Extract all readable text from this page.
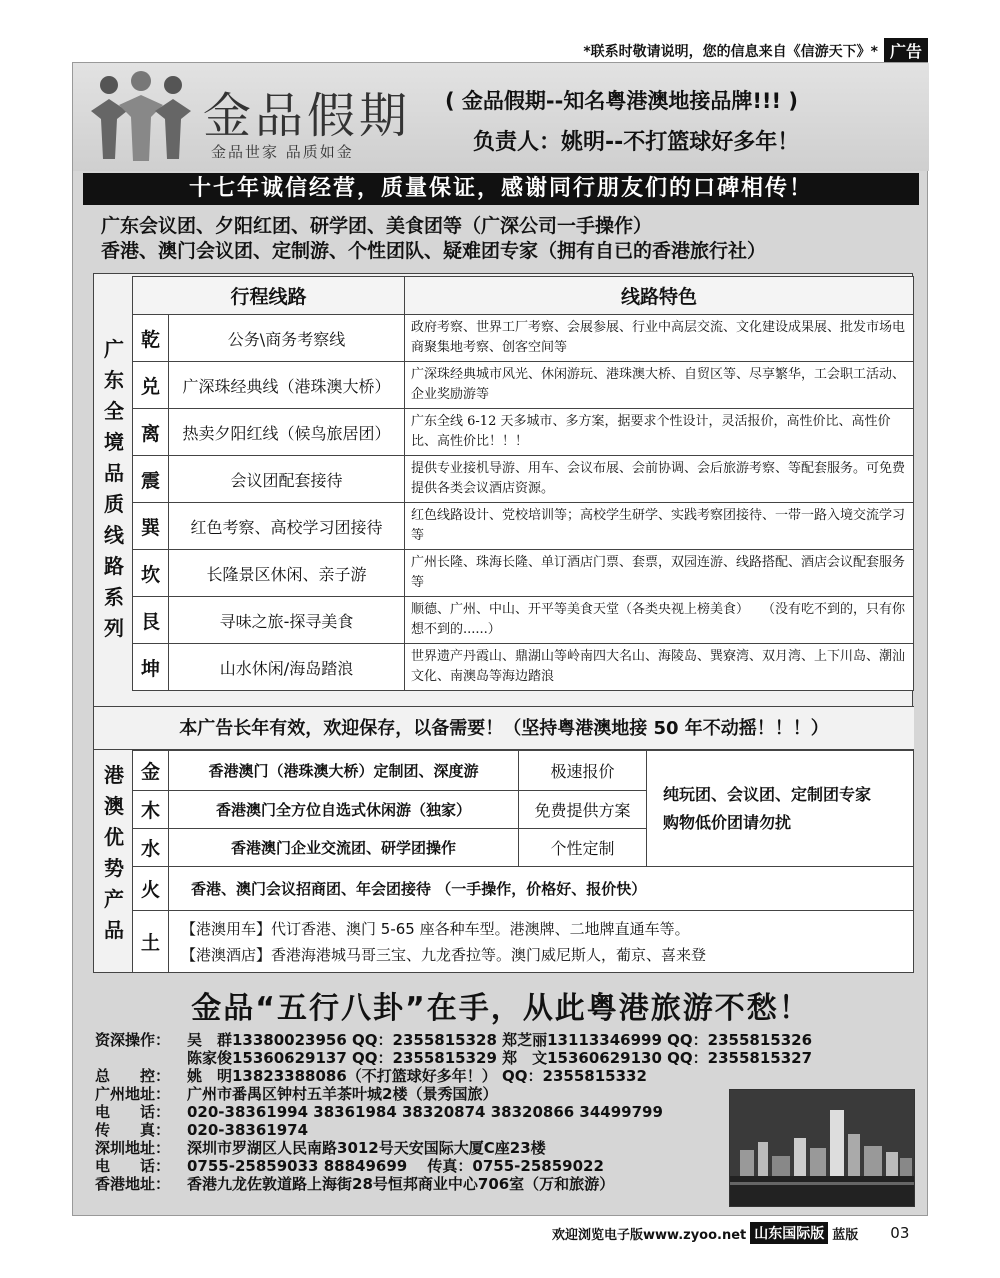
*联系时敬请说明，您的信息来自《信游天下》* 广告
金品假期
金品世家 品质如金
( 金品假期--知名粤港澳地接品牌!!! )
负责人：姚明--不打篮球好多年！
十七年诚信经营，质量保证，感谢同行朋友们的口碑相传！
广东会议团、夕阳红团、研学团、美食团等（广深公司一手操作）
香港、澳门会议团、定制游、个性团队、疑难团专家（拥有自已的香港旅行社）
广
东
全
境
品
质
线
路
系
列
行程线路		线路特色
乾	公务\商务考察线	政府考察、世界工厂考察、会展参展、行业中高层交流、文化建设成果展、批发市场电商聚集地考察、创客空间等
兑	广深珠经典线（港珠澳大桥）	广深珠经典城市风光、休闲游玩、港珠澳大桥、自贸区等、尽享繁华，工会职工活动、企业奖励游等
离	热卖夕阳红线（候鸟旅居团）	广东全线 6-12 天多城市、多方案，据要求个性设计，灵活报价，高性价比、高性价比、高性价比！！！
震	会议团配套接待	提供专业接机导游、用车、会议布展、会前协调、会后旅游考察、等配套服务。可免费提供各类会议酒店资源。
巽	红色考察、高校学习团接待	红色线路设计、党校培训等；高校学生研学、实践考察团接待、一带一路入境交流学习等
坎	长隆景区休闲、亲子游	广州长隆、珠海长隆、单订酒店门票、套票，双园连游、线路搭配、酒店会议配套服务等
艮	寻味之旅-探寻美食	顺德、广州、中山、开平等美食天堂（各类央视上榜美食）　　（没有吃不到的，只有你想不到的......）
坤	山水休闲/海岛踏浪	世界遗产丹霞山、鼎湖山等岭南四大名山、海陵岛、巽寮湾、双月湾、上下川岛、潮汕文化、南澳岛等海边踏浪
本广告长年有效，欢迎保存，以备需要！（坚持粤港澳地接 50 年不动摇！！！）
港
澳
优
势
产
品
金	香港澳门（港珠澳大桥）定制团、深度游	极速报价	纯玩团、会议团、定制团专家
购物低价团请勿扰

木	香港澳门全方位自选式休闲游（独家）	免费提供方案	
水	香港澳门企业交流团、研学团操作	个性定制	
火	香港、澳门会议招商团、年会团接待 （一手操作，价格好、报价快）		
土	【港澳用车】代订香港、澳门 5-65 座各种车型。港澳牌、二地牌直通车等。
【港澳酒店】香港海港城马哥三宝、九龙香拉等。澳门威尼斯人，葡京、喜来登		
金品“五行八卦”在手，从此粤港旅游不愁！
资深操作：	吴　群13380023956 QQ：2355815328 郑芝丽13113346999 QQ：2355815326
陈家俊15360629137 QQ：2355815329 郑　文15360629130 QQ：2355815327
总　　控：	姚　明13823388086（不打篮球好多年！） QQ：2355815332
广州地址：	广州市番禺区钟村五羊茶叶城2楼（景秀国旅）
电　　话：	020-38361994 38361984 38320874 38320866 34499799
传　　真：	020-38361974
深圳地址：	深圳市罗湖区人民南路3012号天安国际大厦C座23楼
电　　话：	0755-25859033 88849699　 传真：0755-25859022
香港地址：	香港九龙佐敦道路上海街28号恒邦商业中心706室（万和旅游）
欢迎浏览电子版www.zyoo.net 山东国际版 蓝版 03
